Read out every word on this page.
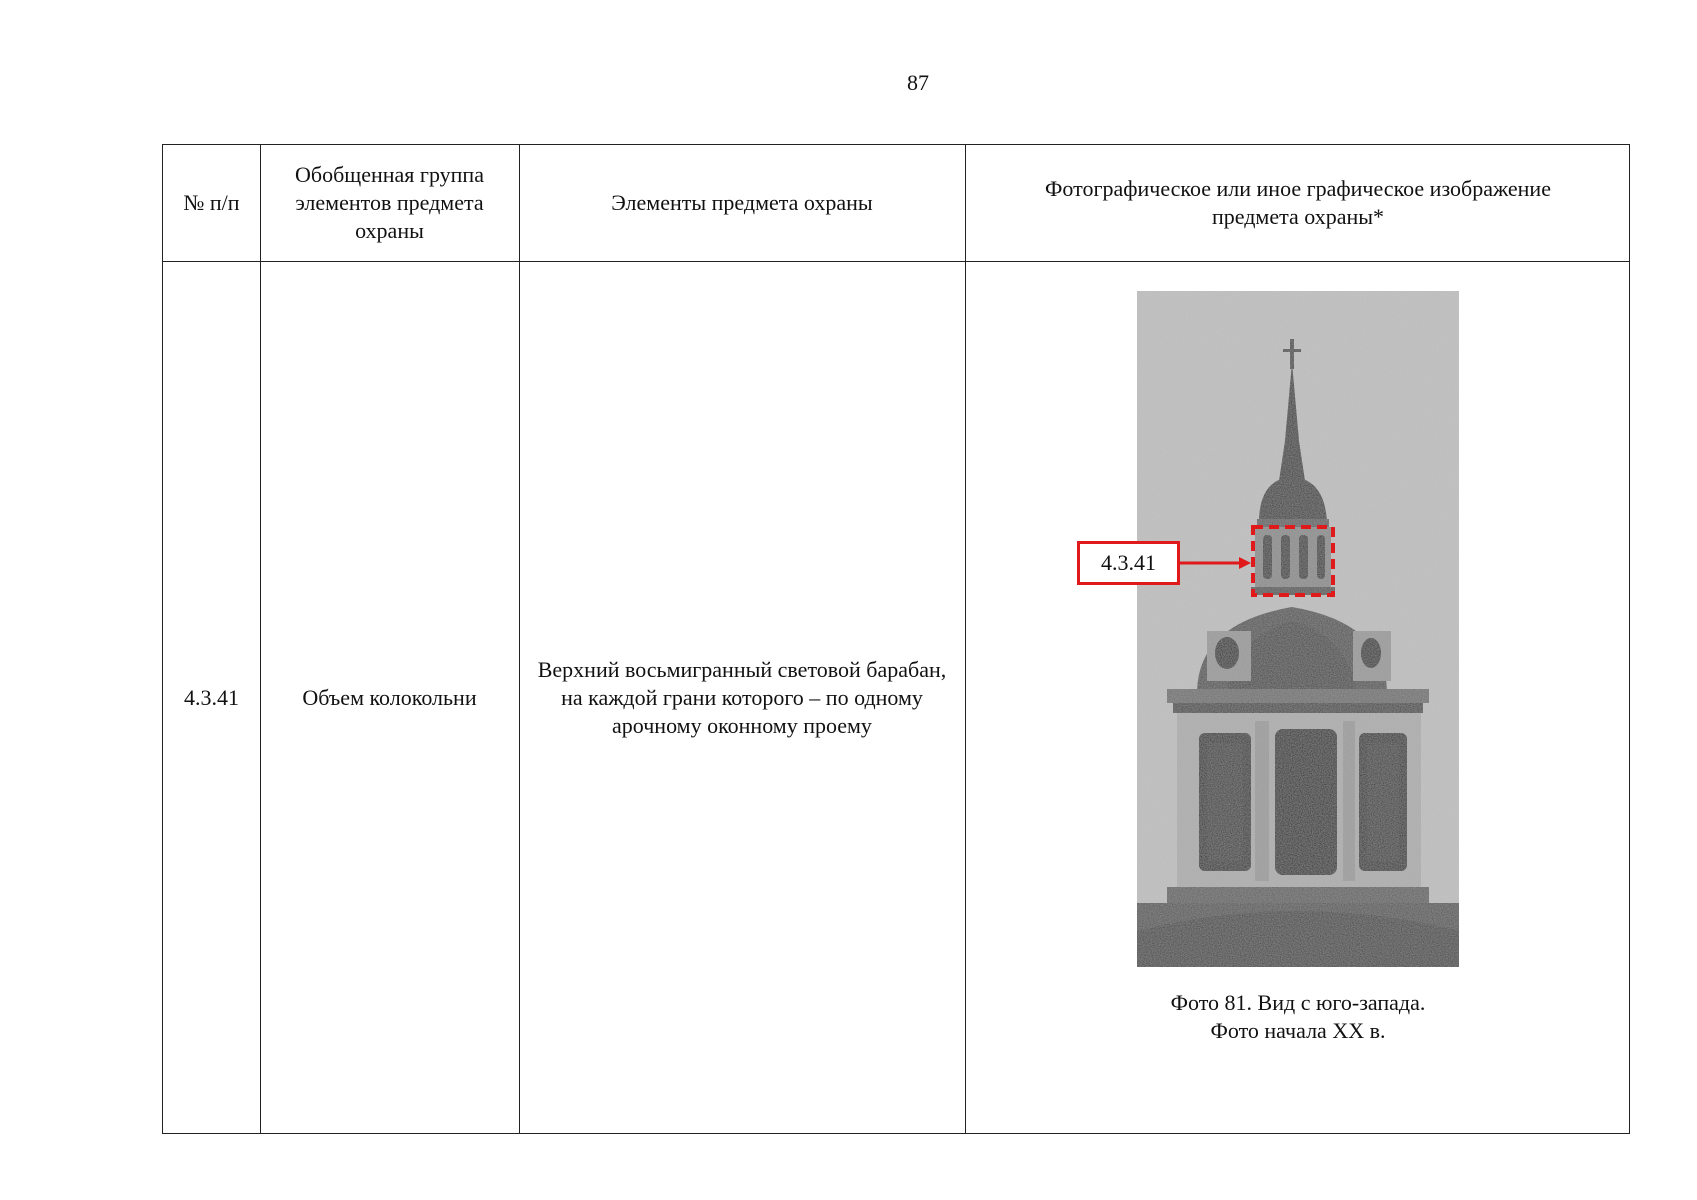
87
№ п/п
Обобщенная группа элементов предмета охраны
Элементы предмета охраны
Фотографическое или иное графическое изображение предмета охраны*
4.3.41	Объем колокольни
Верхний восьмигранный световой барабан, на каждой грани которого – по одному арочному оконному проему
4.3.41
Фото 81. Вид с юго-запада.
Фото начала XX в.
